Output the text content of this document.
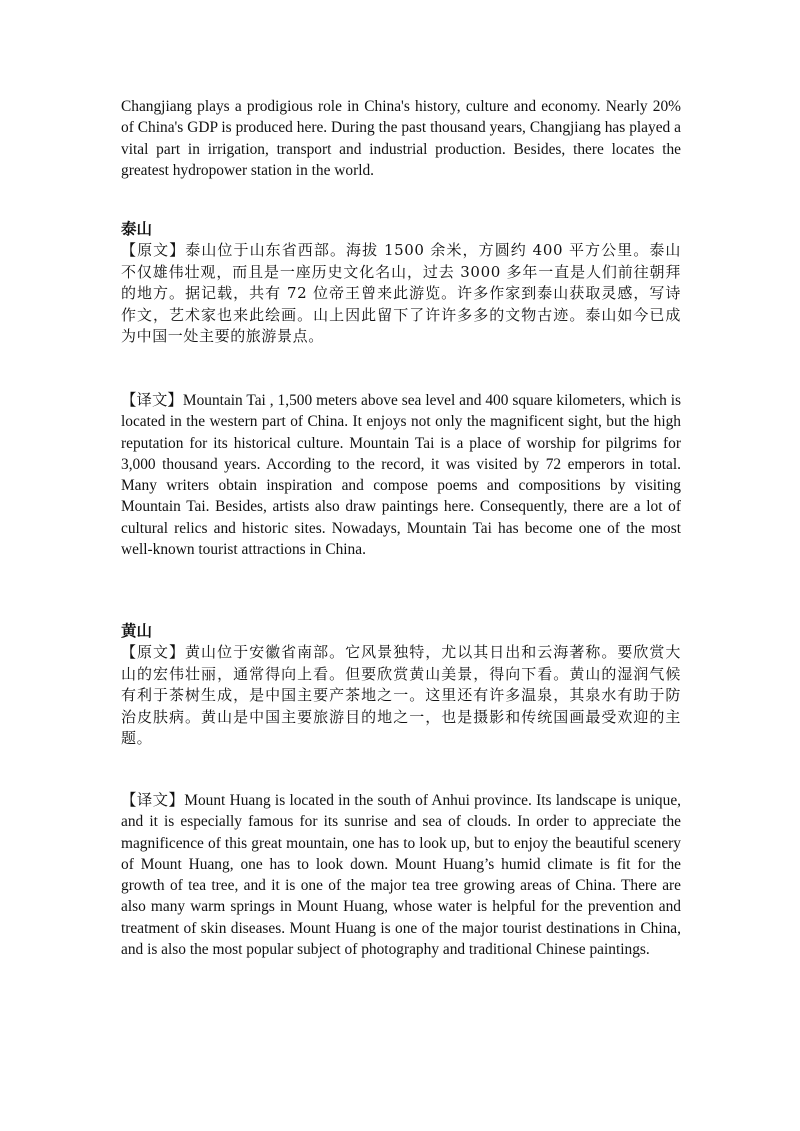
Changjiang plays a prodigious role in China's history, culture and economy. Nearly 20% of China's GDP is produced here. During the past thousand years, Changjiang has played a vital part in irrigation, transport and industrial production. Besides, there locates the greatest hydropower station in the world.

泰山

【原文】泰山位于山东省西部。海拔 1500 余米，方圆约 400 平方公里。泰山不仅雄伟壮观，而且是一座历史文化名山，过去 3000 多年一直是人们前往朝拜的地方。据记载，共有 72 位帝王曾来此游览。许多作家到泰山获取灵感，写诗作文，艺术家也来此绘画。山上因此留下了许许多多的文物古迹。泰山如今已成为中国一处主要的旅游景点。

【译文】Mountain Tai , 1,500 meters above sea level and 400 square kilometers, which is located in the western part of China. It enjoys not only the magnificent sight, but the high reputation for its historical culture. Mountain Tai is a place of worship for pilgrims for 3,000 thousand years. According to the record, it was visited by 72 emperors in total. Many writers obtain inspiration and compose poems and compositions by visiting Mountain Tai. Besides, artists also draw paintings here. Consequently, there are a lot of cultural relics and historic sites. Nowadays, Mountain Tai has become one of the most well-known tourist attractions in China.

黄山

【原文】黄山位于安徽省南部。它风景独特，尤以其日出和云海著称。要欣赏大山的宏伟壮丽，通常得向上看。但要欣赏黄山美景，得向下看。黄山的湿润气候有利于茶树生成，是中国主要产茶地之一。这里还有许多温泉，其泉水有助于防治皮肤病。黄山是中国主要旅游目的地之一，也是摄影和传统国画最受欢迎的主题。

【译文】Mount Huang is located in the south of Anhui province. Its landscape is unique, and it is especially famous for its sunrise and sea of clouds. In order to appreciate the magnificence of this great mountain, one has to look up, but to enjoy the beautiful scenery of Mount Huang, one has to look down. Mount Huang’s humid climate is fit for the growth of tea tree, and it is one of the major tea tree growing areas of China. There are also many warm springs in Mount Huang, whose water is helpful for the prevention and treatment of skin diseases. Mount Huang is one of the major tourist destinations in China, and is also the most popular subject of photography and traditional Chinese paintings.
